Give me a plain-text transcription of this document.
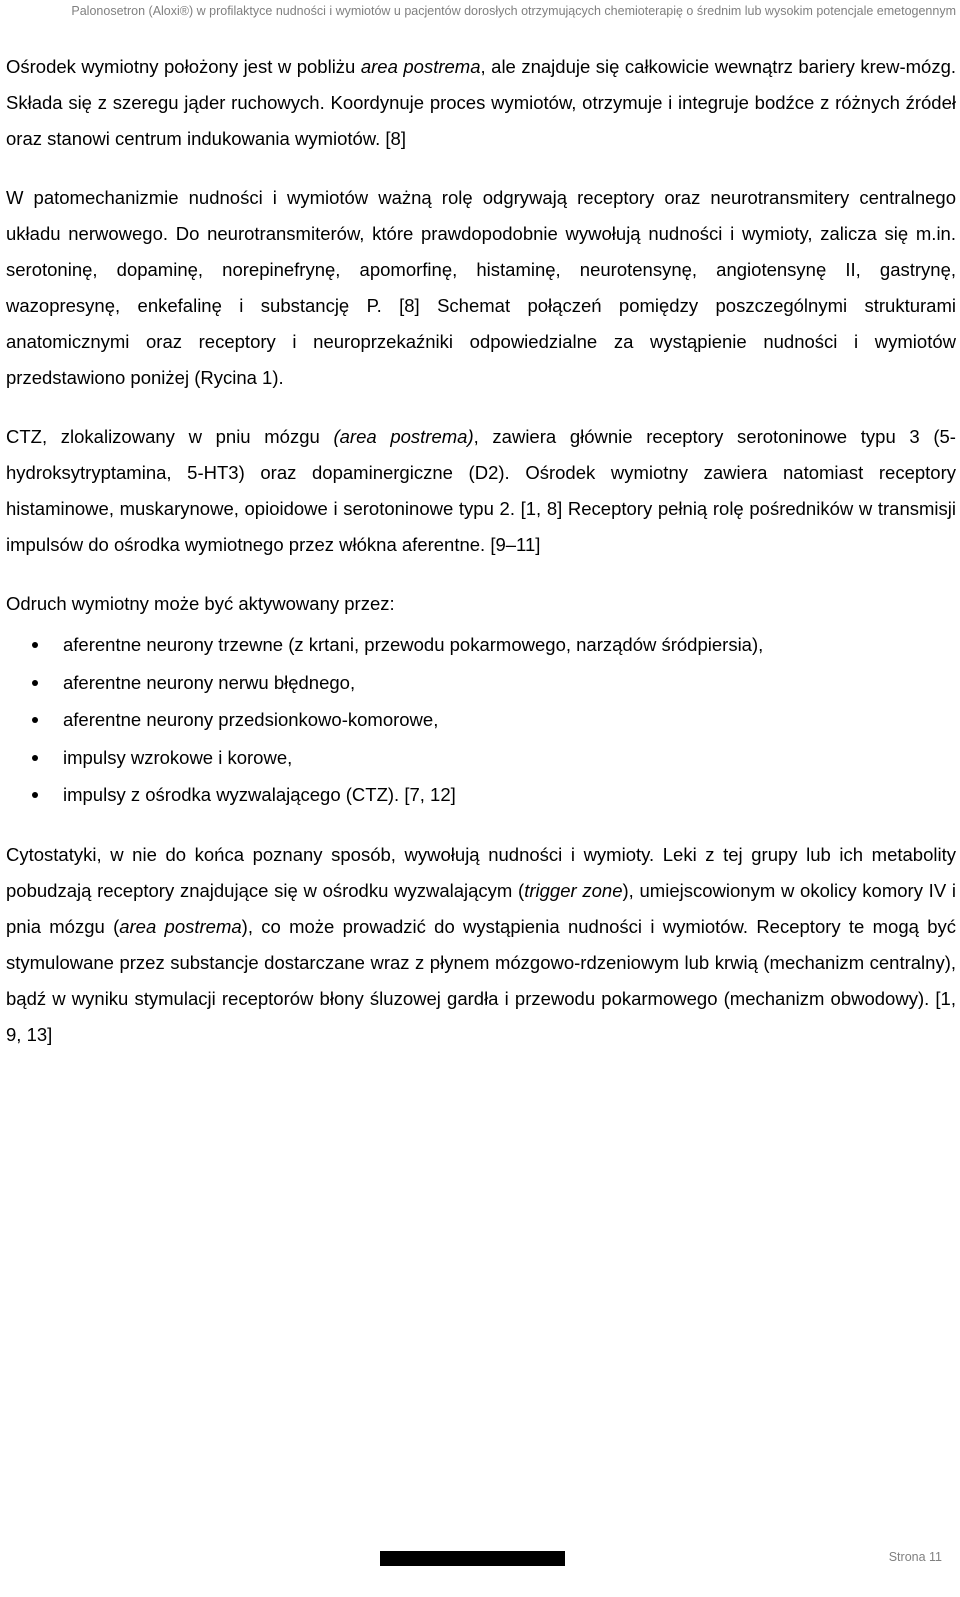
Palonosetron (Aloxi®) w profilaktyce nudności i wymiotów u pacjentów dorosłych otrzymujących chemioterapię o średnim lub wysokim potencjale emetogennym

Ośrodek wymiotny położony jest w pobliżu area postrema, ale znajduje się całkowicie wewnątrz bariery krew-mózg. Składa się z szeregu jąder ruchowych. Koordynuje proces wymiotów, otrzymuje i integruje bodźce z różnych źródeł oraz stanowi centrum indukowania wymiotów. [8]

W patomechanizmie nudności i wymiotów ważną rolę odgrywają receptory oraz neurotransmitery centralnego układu nerwowego. Do neurotransmiterów, które prawdopodobnie wywołują nudności i wymioty, zalicza się m.in. serotoninę, dopaminę, norepinefrynę, apomorfinę, histaminę, neurotensynę, angiotensynę II, gastrynę, wazopresynę, enkefalinę i substancję P. [8] Schemat połączeń pomiędzy poszczególnymi strukturami anatomicznymi oraz receptory i neuroprzekaźniki odpowiedzialne za wystąpienie nudności i wymiotów przedstawiono poniżej (Rycina 1).

CTZ, zlokalizowany w pniu mózgu (area postrema), zawiera głównie receptory serotoninowe typu 3 (5-hydroksytryptamina, 5-HT3) oraz dopaminergiczne (D2). Ośrodek wymiotny zawiera natomiast receptory histaminowe, muskarynowe, opioidowe i serotoninowe typu 2. [1, 8] Receptory pełnią rolę pośredników w transmisji impulsów do ośrodka wymiotnego przez włókna aferentne. [9–11]

Odruch wymiotny może być aktywowany przez:

aferentne neurony trzewne (z krtani, przewodu pokarmowego, narządów śródpiersia),
aferentne neurony nerwu błędnego,
aferentne neurony przedsionkowo-komorowe,
impulsy wzrokowe i korowe,
impulsy z ośrodka wyzwalającego (CTZ). [7, 12]

Cytostatyki, w nie do końca poznany sposób, wywołują nudności i wymioty. Leki z tej grupy lub ich metabolity pobudzają receptory znajdujące się w ośrodku wyzwalającym (trigger zone), umiejscowionym w okolicy komory IV i pnia mózgu (area postrema), co może prowadzić do wystąpienia nudności i wymiotów. Receptory te mogą być stymulowane przez substancje dostarczane wraz z płynem mózgowo-rdzeniowym lub krwią (mechanizm centralny), bądź w wyniku stymulacji receptorów błony śluzowej gardła i przewodu pokarmowego (mechanizm obwodowy). [1, 9, 13]

Strona 11
